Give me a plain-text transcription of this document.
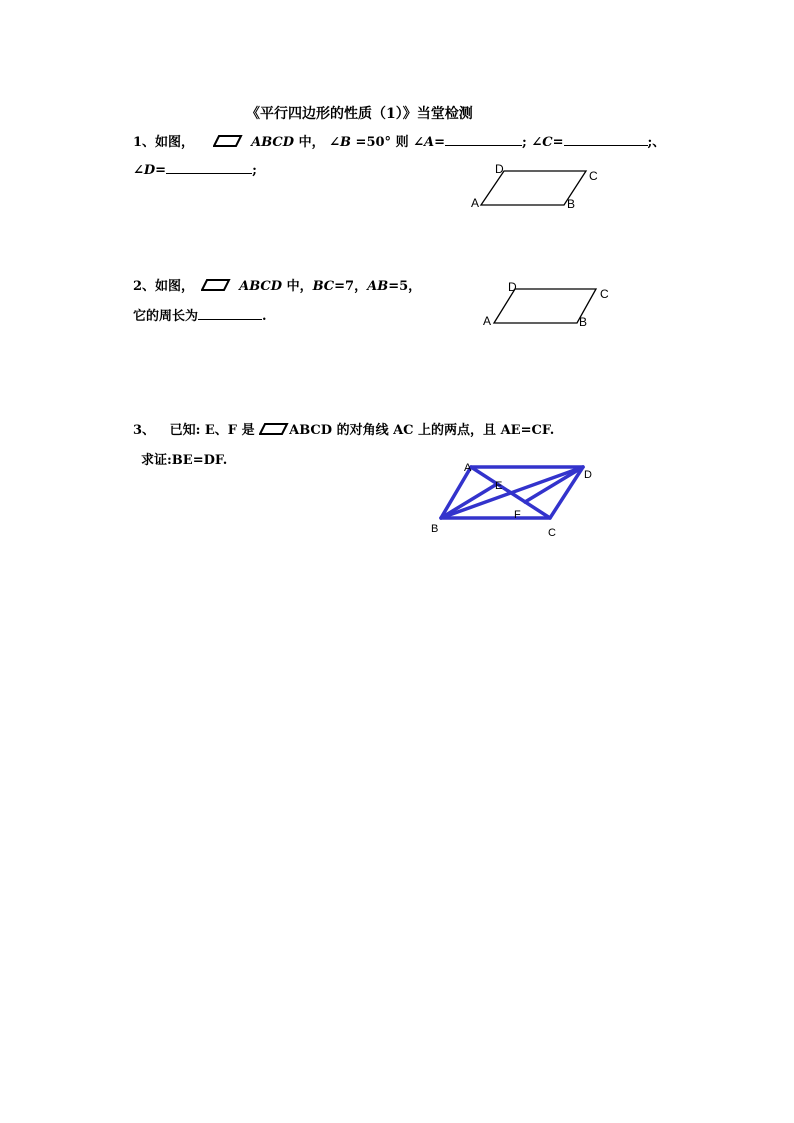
《平行四边形的性质（1）》当堂检测
1、如图，	ABCD 中， ∠B =50° 则 ∠A=	; ∠C=	;、
∠D=	;
A	B
C
D
2、如图，	ABCD 中，BC=7，AB=5，
它的周长为	.	A	B
C
D
3、 已知: E、F 是	ABCD 的对角线 AC 上的两点，且 AE=CF.
求证:BE=DF.	A
B	C
D
E
F
